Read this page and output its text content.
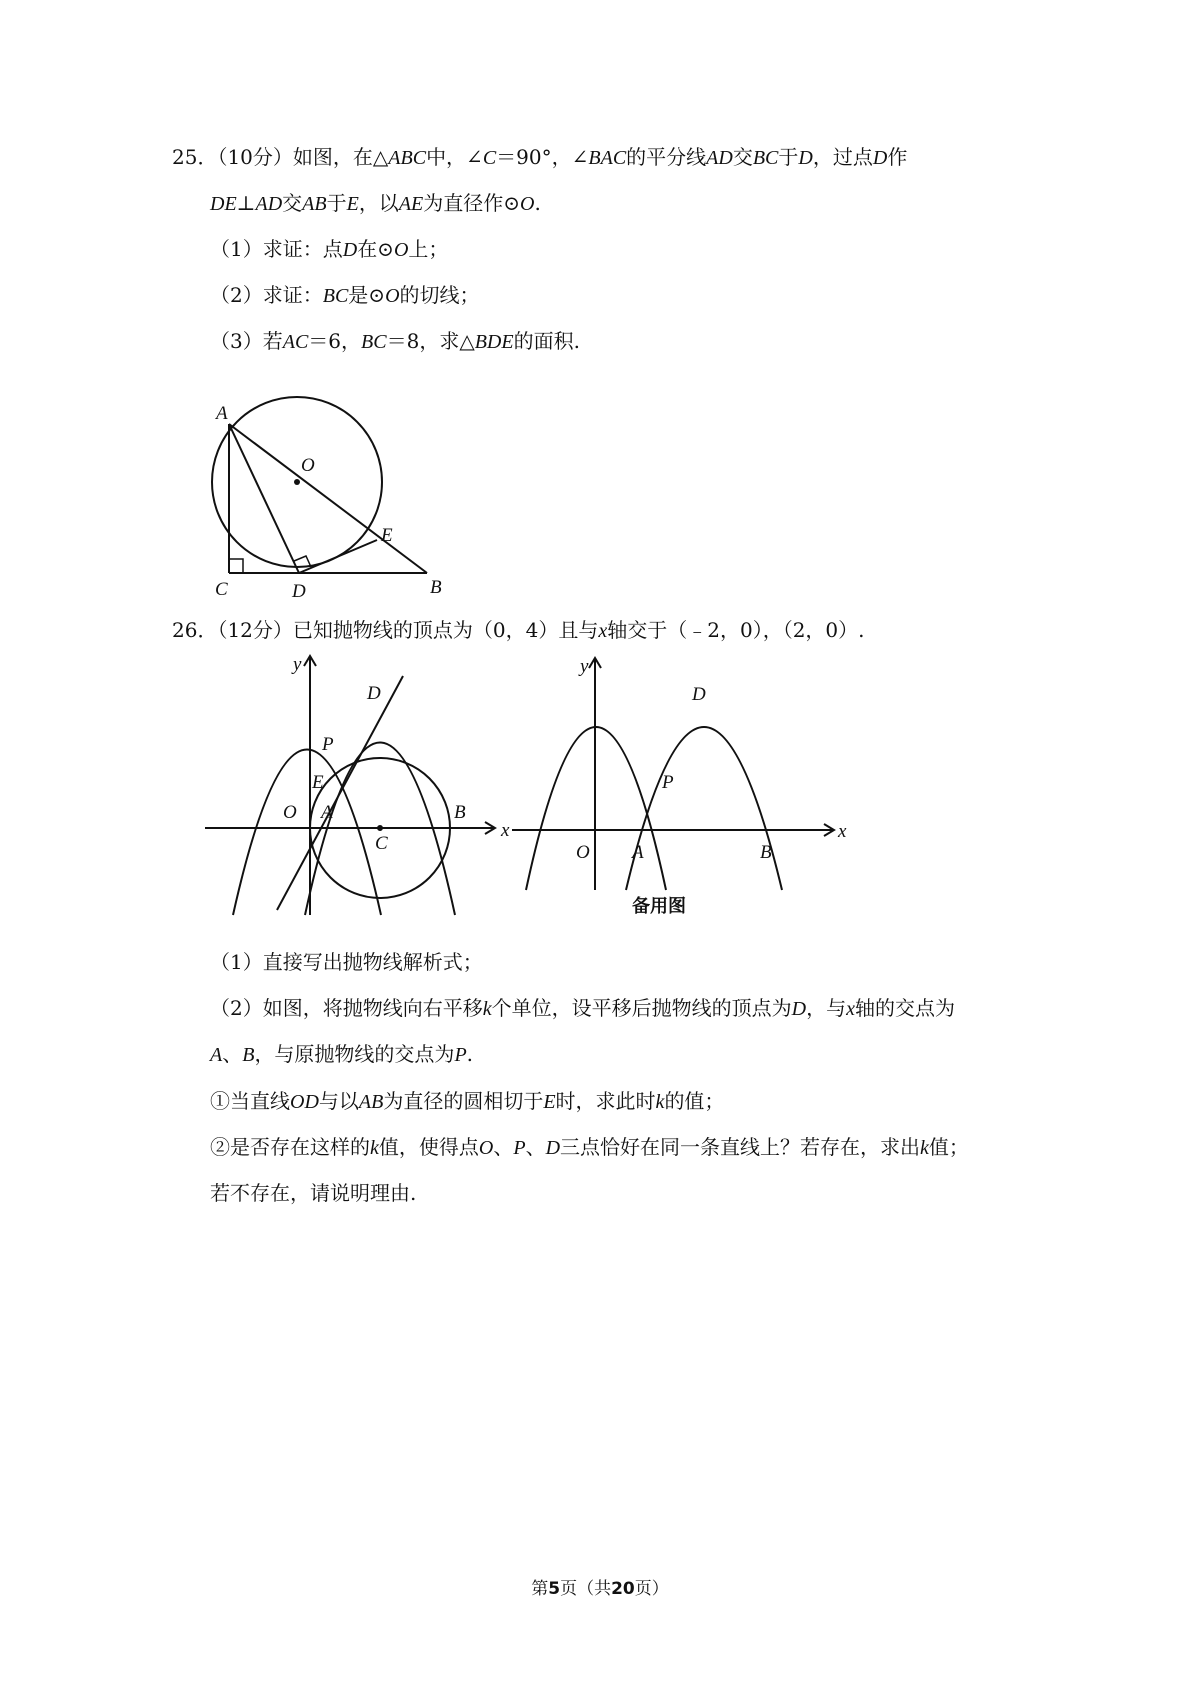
25．（10分）如图，在△ABC中，∠C＝90°，∠BAC的平分线AD交BC于D，过点D作
DE⊥AD交AB于E，以AE为直径作⊙O.
（1）求证：点D在⊙O上；
（2）求证：BC是⊙O的切线；
（3）若AC＝6，BC＝8，求△BDE的面积.
A
O
E
C	D	B
26．（12分）已知抛物线的顶点为（0，4）且与x轴交于（﹣2，0），（2，0）.
y
D
P
E
O A
C
B
x
y
D
P
O A	B
x
备用图
（1）直接写出抛物线解析式；
（2）如图，将抛物线向右平移k个单位，设平移后抛物线的顶点为D，与x轴的交点为
A、B，与原抛物线的交点为P.
①当直线OD与以AB为直径的圆相切于E时，求此时k的值；
②是否存在这样的k值，使得点O、P、D三点恰好在同一条直线上？若存在，求出k值；
若不存在，请说明理由.
第5页（共20页）
